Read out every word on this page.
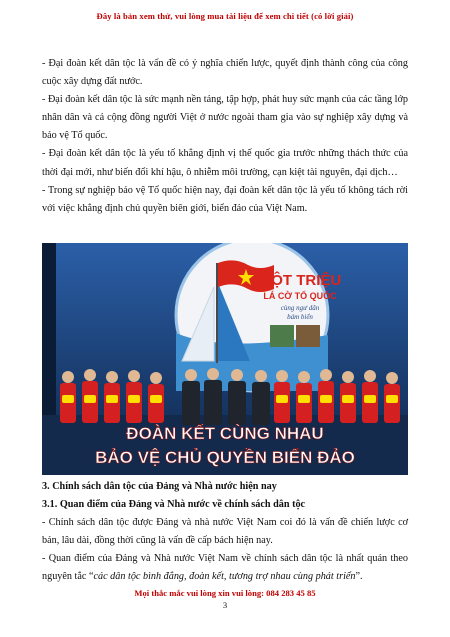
Đây là bản xem thử, vui lòng mua tài liệu để xem chi tiết (có lời giải)

- Đại đoàn kết dân tộc là vấn đề có ý nghĩa chiến lược, quyết định thành công của công cuộc xây dựng đất nước.

- Đại đoàn kết dân tộc là sức mạnh nền tảng, tập hợp, phát huy sức mạnh của các tầng lớp nhân dân và cả cộng đồng người Việt ở nước ngoài tham gia vào sự nghiệp xây dựng và bảo vệ Tổ quốc.

- Đại đoàn kết dân tộc là yếu tố khẳng định vị thế quốc gia trước những thách thức của thời đại mới, như biến đổi khí hậu, ô nhiễm môi trường, cạn kiệt tài nguyên, đại dịch…

- Trong sự nghiệp bảo vệ Tổ quốc hiện nay, đại đoàn kết dân tộc là yếu tố không tách rời với việc khẳng định chủ quyền biên giới, biển đảo của Việt Nam.

MỘT TRIỆU
LÁ CỜ TỔ QUỐC
cùng ngư dân
bám biển
ĐOÀN KẾT CÙNG NHAU
BẢO VỆ CHỦ QUYỀN BIỂN ĐẢO

3. Chính sách dân tộc của Đảng và Nhà nước hiện nay

3.1. Quan điểm của Đảng và Nhà nước về chính sách dân tộc

- Chính sách dân tộc được Đảng và nhà nước Việt Nam coi đó là vấn đề chiến lược cơ bản, lâu dài, đồng thời cũng là vấn đề cấp bách hiện nay.

- Quan điểm của Đảng và Nhà nước Việt Nam về chính sách dân tộc là nhất quán theo nguyên tắc “các dân tộc bình đẳng, đoàn kết, tương trợ nhau cùng phát triển”.

Mọi thắc mắc vui lòng xin vui lòng: 084 283 45 85
3
